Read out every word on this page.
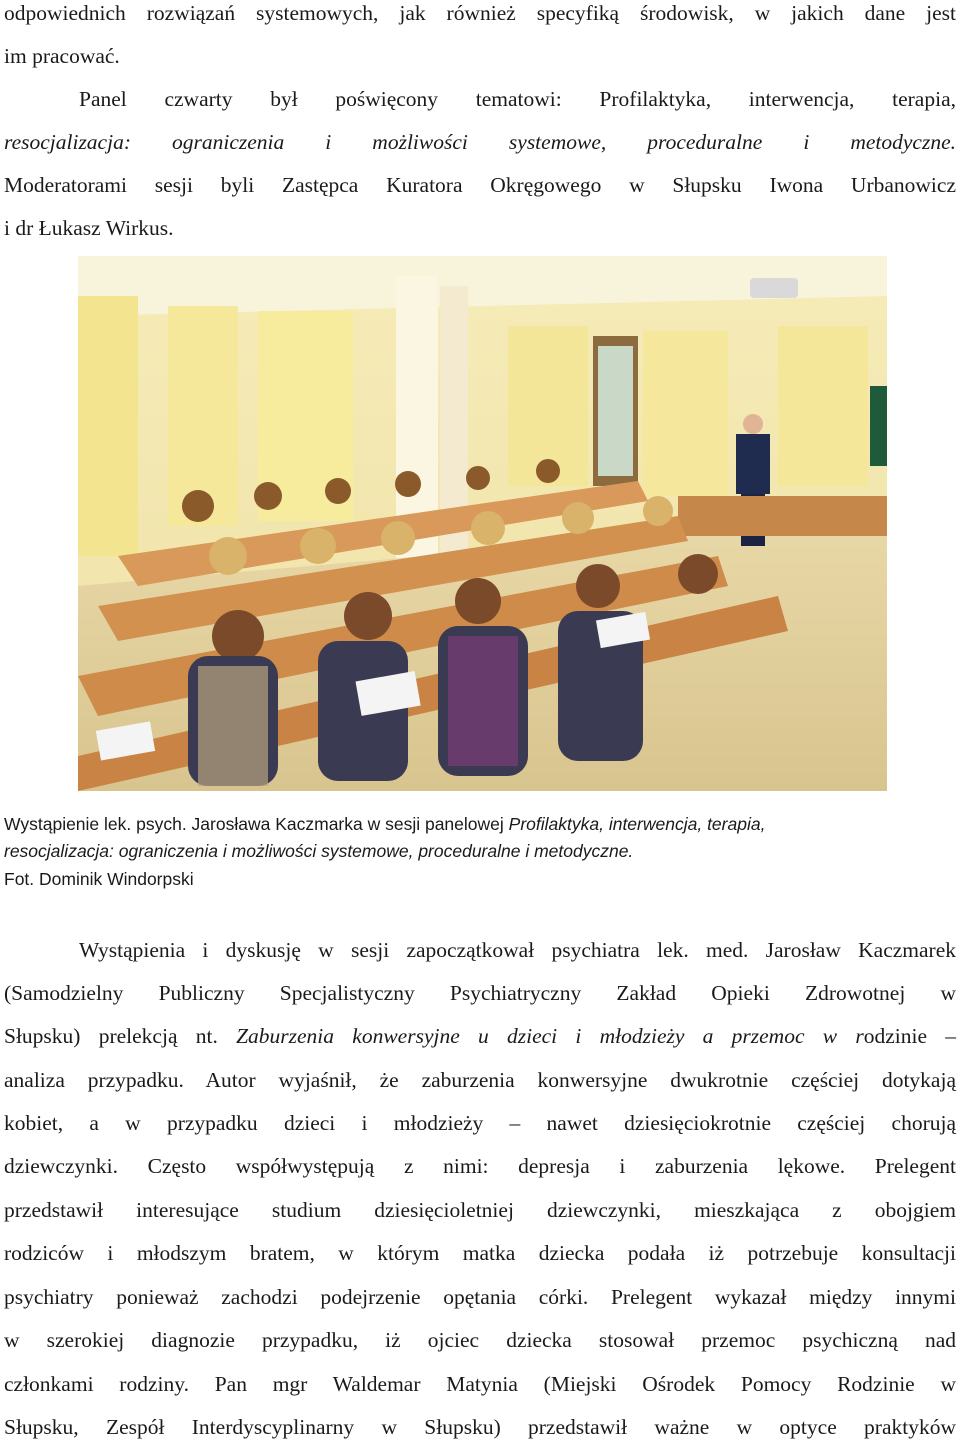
odpowiednich rozwiązań systemowych, jak również specyfiką środowisk, w jakich dane jest
im pracować.
Panel czwarty był poświęcony tematowi: Profilaktyka, interwencja, terapia,
resocjalizacja: ograniczenia i możliwości systemowe, proceduralne i metodyczne.
Moderatorami sesji byli Zastępca Kuratora Okręgowego w Słupsku Iwona Urbanowicz
i dr Łukasz Wirkus.
Wystąpienie lek. psych. Jarosława Kaczmarka w sesji panelowej Profilaktyka, interwencja, terapia,
resocjalizacja: ograniczenia i możliwości systemowe, proceduralne i metodyczne.
Fot. Dominik Windorpski
Wystąpienia i dyskusję w sesji zapoczątkował psychiatra lek. med. Jarosław Kaczmarek
(Samodzielny Publiczny Specjalistyczny Psychiatryczny Zakład Opieki Zdrowotnej w
Słupsku) prelekcją nt. Zaburzenia konwersyjne u dzieci i młodzieży a przemoc w rodzinie –
analiza przypadku. Autor wyjaśnił, że zaburzenia konwersyjne dwukrotnie częściej dotykają
kobiet, a w przypadku dzieci i młodzieży – nawet dziesięciokrotnie częściej chorują
dziewczynki. Często współwystępują z nimi: depresja i zaburzenia lękowe. Prelegent
przedstawił interesujące studium dziesięcioletniej dziewczynki, mieszkająca z obojgiem
rodziców i młodszym bratem, w którym matka dziecka podała iż potrzebuje konsultacji
psychiatry ponieważ zachodzi podejrzenie opętania córki. Prelegent wykazał między innymi
w szerokiej diagnozie przypadku, iż ojciec dziecka stosował przemoc psychiczną nad
członkami rodziny. Pan mgr Waldemar Matynia (Miejski Ośrodek Pomocy Rodzinie w
Słupsku, Zespół Interdyscyplinarny w Słupsku) przedstawił ważne w optyce praktyków
